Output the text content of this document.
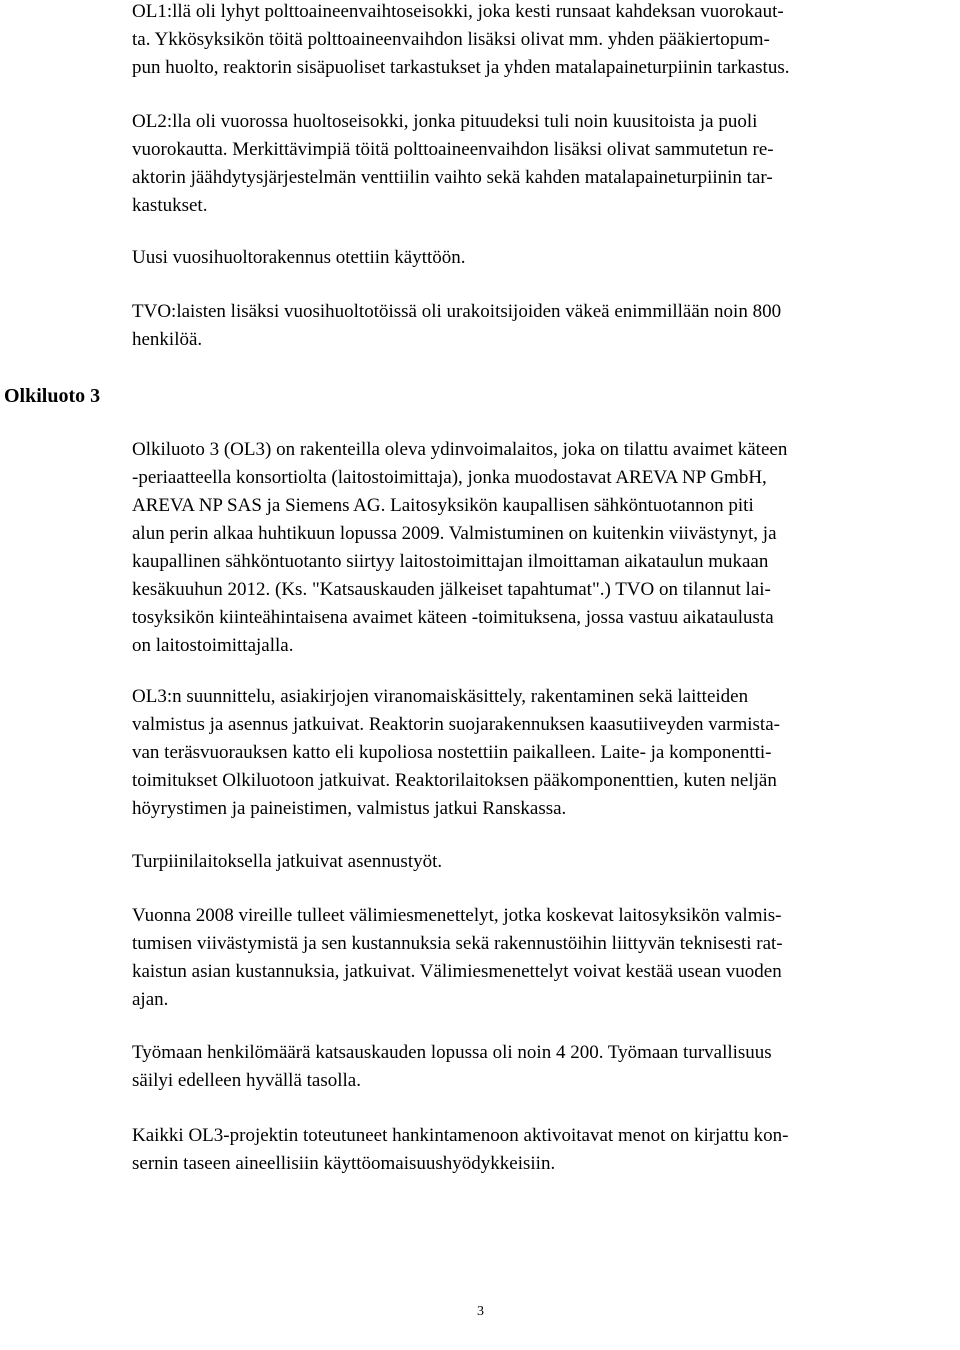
OL1:llä oli lyhyt polttoaineenvaihtoseisokki, joka kesti runsaat kahdeksan vuorokaut-
ta. Ykkösyksikön töitä polttoaineenvaihdon lisäksi olivat mm. yhden pääkiertopum-
pun huolto, reaktorin sisäpuoliset tarkastukset ja yhden matalapaineturpiinin tarkastus.

OL2:lla oli vuorossa huoltoseisokki, jonka pituudeksi tuli noin kuusitoista ja puoli
vuorokautta. Merkittävimpiä töitä polttoaineenvaihdon lisäksi olivat sammutetun re-
aktorin jäähdytysjärjestelmän venttiilin vaihto sekä kahden matalapaineturpiinin tar-
kastukset.

Uusi vuosihuoltorakennus otettiin käyttöön.

TVO:laisten lisäksi vuosihuoltotöissä oli urakoitsijoiden väkeä enimmillään noin 800
henkilöä.

Olkiluoto 3

Olkiluoto 3 (OL3) on rakenteilla oleva ydinvoimalaitos, joka on tilattu avaimet käteen
-periaatteella konsortiolta (laitostoimittaja), jonka muodostavat AREVA NP GmbH,
AREVA NP SAS ja Siemens AG. Laitosyksikön kaupallisen sähköntuotannon piti
alun perin alkaa huhtikuun lopussa 2009. Valmistuminen on kuitenkin viivästynyt, ja
kaupallinen sähköntuotanto siirtyy laitostoimittajan ilmoittaman aikataulun mukaan
kesäkuuhun 2012. (Ks. "Katsauskauden jälkeiset tapahtumat".) TVO on tilannut lai-
tosyksikön kiinteähintaisena avaimet käteen -toimituksena, jossa vastuu aikataulusta
on laitostoimittajalla.

OL3:n suunnittelu, asiakirjojen viranomaiskäsittely, rakentaminen sekä laitteiden
valmistus ja asennus jatkuivat. Reaktorin suojarakennuksen kaasutiiveyden varmista-
van teräsvuorauksen katto eli kupoliosa nostettiin paikalleen. Laite- ja komponentti-
toimitukset Olkiluotoon jatkuivat. Reaktorilaitoksen pääkomponenttien, kuten neljän
höyrystimen ja paineistimen, valmistus jatkui Ranskassa.

Turpiinilaitoksella jatkuivat asennustyöt.

Vuonna 2008 vireille tulleet välimiesmenettelyt, jotka koskevat laitosyksikön valmis-
tumisen viivästymistä ja sen kustannuksia sekä rakennustöihin liittyvän teknisesti rat-
kaistun asian kustannuksia, jatkuivat. Välimiesmenettelyt voivat kestää usean vuoden
ajan.

Työmaan henkilömäärä katsauskauden lopussa oli noin 4 200. Työmaan turvallisuus
säilyi edelleen hyvällä tasolla.

Kaikki OL3-projektin toteutuneet hankintamenoon aktivoitavat menot on kirjattu kon-
sernin taseen aineellisiin käyttöomaisuushyödykkeisiin.

3
